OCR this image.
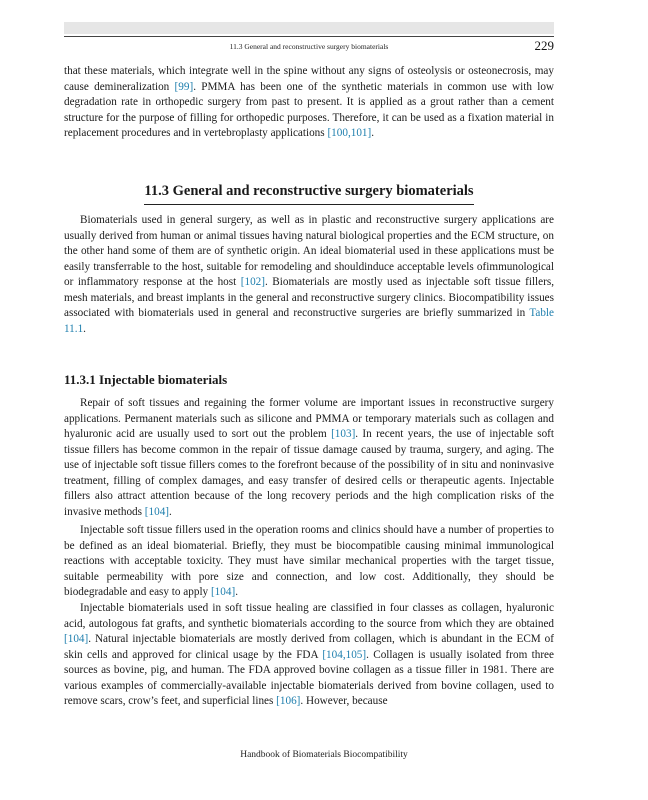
11.3 General and reconstructive surgery biomaterials	229

that these materials, which integrate well in the spine without any signs of osteolysis or osteonecrosis, may cause demineralization [99]. PMMA has been one of the synthetic materials in common use with low degradation rate in orthopedic surgery from past to present. It is applied as a grout rather than a cement structure for the purpose of filling for orthopedic purposes. Therefore, it can be used as a fixation material in replacement procedures and in vertebroplasty applications [100,101].

11.3 General and reconstructive surgery biomaterials

Biomaterials used in general surgery, as well as in plastic and reconstructive surgery applications are usually derived from human or animal tissues having natural biological properties and the ECM structure, on the other hand some of them are of synthetic origin. An ideal biomaterial used in these applications must be easily transferrable to the host, suitable for remodeling and shouldinduce acceptable levels ofimmunological or inflammatory response at the host [102]. Biomaterials are mostly used as injectable soft tissue fillers, mesh materials, and breast implants in the general and reconstructive surgery clinics. Biocompatibility issues associated with biomaterials used in general and reconstructive surgeries are briefly summarized in Table 11.1.

11.3.1 Injectable biomaterials

Repair of soft tissues and regaining the former volume are important issues in reconstructive surgery applications. Permanent materials such as silicone and PMMA or temporary materials such as collagen and hyaluronic acid are usually used to sort out the problem [103]. In recent years, the use of injectable soft tissue fillers has become common in the repair of tissue damage caused by trauma, surgery, and aging. The use of injectable soft tissue fillers comes to the forefront because of the possibility of in situ and noninvasive treatment, filling of complex damages, and easy transfer of desired cells or therapeutic agents. Injectable fillers also attract attention because of the long recovery periods and the high complication risks of the invasive methods [104].

Injectable soft tissue fillers used in the operation rooms and clinics should have a number of properties to be defined as an ideal biomaterial. Briefly, they must be biocompatible causing minimal immunological reactions with acceptable toxicity. They must have similar mechanical properties with the target tissue, suitable permeability with pore size and connection, and low cost. Additionally, they should be biodegradable and easy to apply [104].

Injectable biomaterials used in soft tissue healing are classified in four classes as collagen, hyaluronic acid, autologous fat grafts, and synthetic biomaterials according to the source from which they are obtained [104]. Natural injectable biomaterials are mostly derived from collagen, which is abundant in the ECM of skin cells and approved for clinical usage by the FDA [104,105]. Collagen is usually isolated from three sources as bovine, pig, and human. The FDA approved bovine collagen as a tissue filler in 1981. There are various examples of commercially-available injectable biomaterials derived from bovine collagen, used to remove scars, crow’s feet, and superficial lines [106]. However, because

Handbook of Biomaterials Biocompatibility
